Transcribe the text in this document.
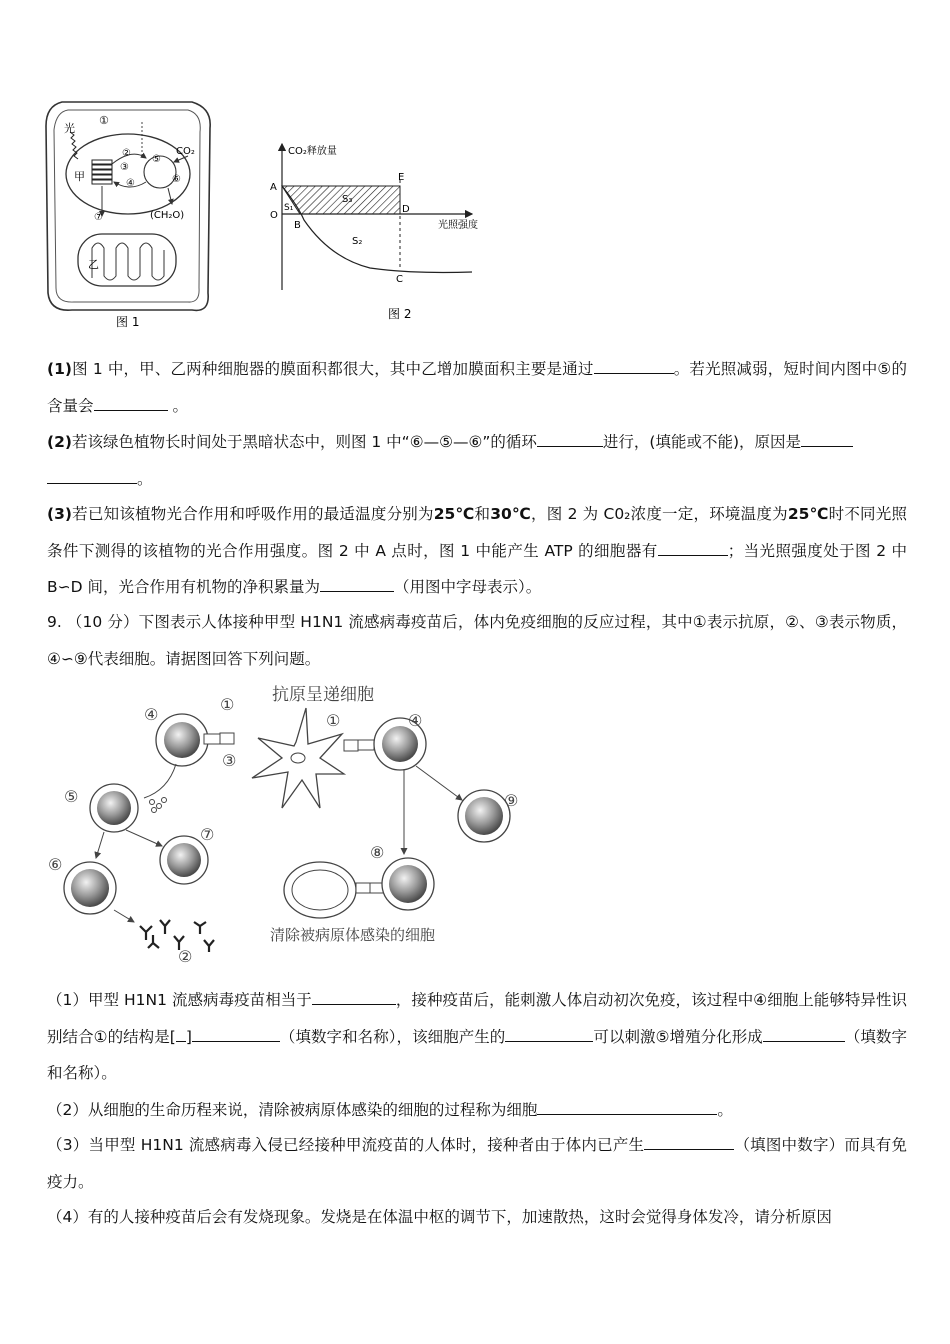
光
①
甲
②
③
④
⑤
⑥
CO₂
(CH₂O)
⑦
乙
图 1
CO₂释放量
光照强度
A
O
S₁
B
E
D
C
S₃
S₂
图 2

(1)图 1 中，甲、乙两种细胞器的膜面积都很大，其中乙增加膜面积主要是通过	。若光照减弱，短时间内图中⑤的含量会	。

(2)若该绿色植物长时间处于黑暗状态中，则图 1 中“⑥—⑤—⑥”的循环	进行，(填能或不能)，原因是
。

(3)若已知该植物光合作用和呼吸作用的最适温度分别为25℃和30℃，图 2 为 C0₂浓度一定，环境温度为25℃时不同光照条件下测得的该植物的光合作用强度。图 2 中 A 点时，图 1 中能产生 ATP 的细胞器有	；当光照强度处于图 2 中 B∽D 间，光合作用有机物的净积累量为	（用图中字母表示）。

9. （10 分）下图表示人体接种甲型 H1N1 流感病毒疫苗后，体内免疫细胞的反应过程，其中①表示抗原，②、③表示物质，④∽⑨代表细胞。请据图回答下列问题。

抗原呈递细胞
清除被病原体感染的细胞
④
①
③
①	④
⑤
⑦
⑥
⑨
⑧
②

（1）甲型 H1N1 流感病毒疫苗相当于	，接种疫苗后，能刺激人体启动初次免疫，该过程中④细胞上能够特异性识别结合①的结构是[ ]	（填数字和名称），该细胞产生的	可以刺激⑤增殖分化形成	（填数字和名称）。

（2）从细胞的生命历程来说，清除被病原体感染的细胞的过程称为细胞	。

（3）当甲型 H1N1 流感病毒入侵已经接种甲流疫苗的人体时，接种者由于体内已产生	（填图中数字）而具有免疫力。

（4）有的人接种疫苗后会有发烧现象。发烧是在体温中枢的调节下，加速散热，这时会觉得身体发冷，请分析原因
